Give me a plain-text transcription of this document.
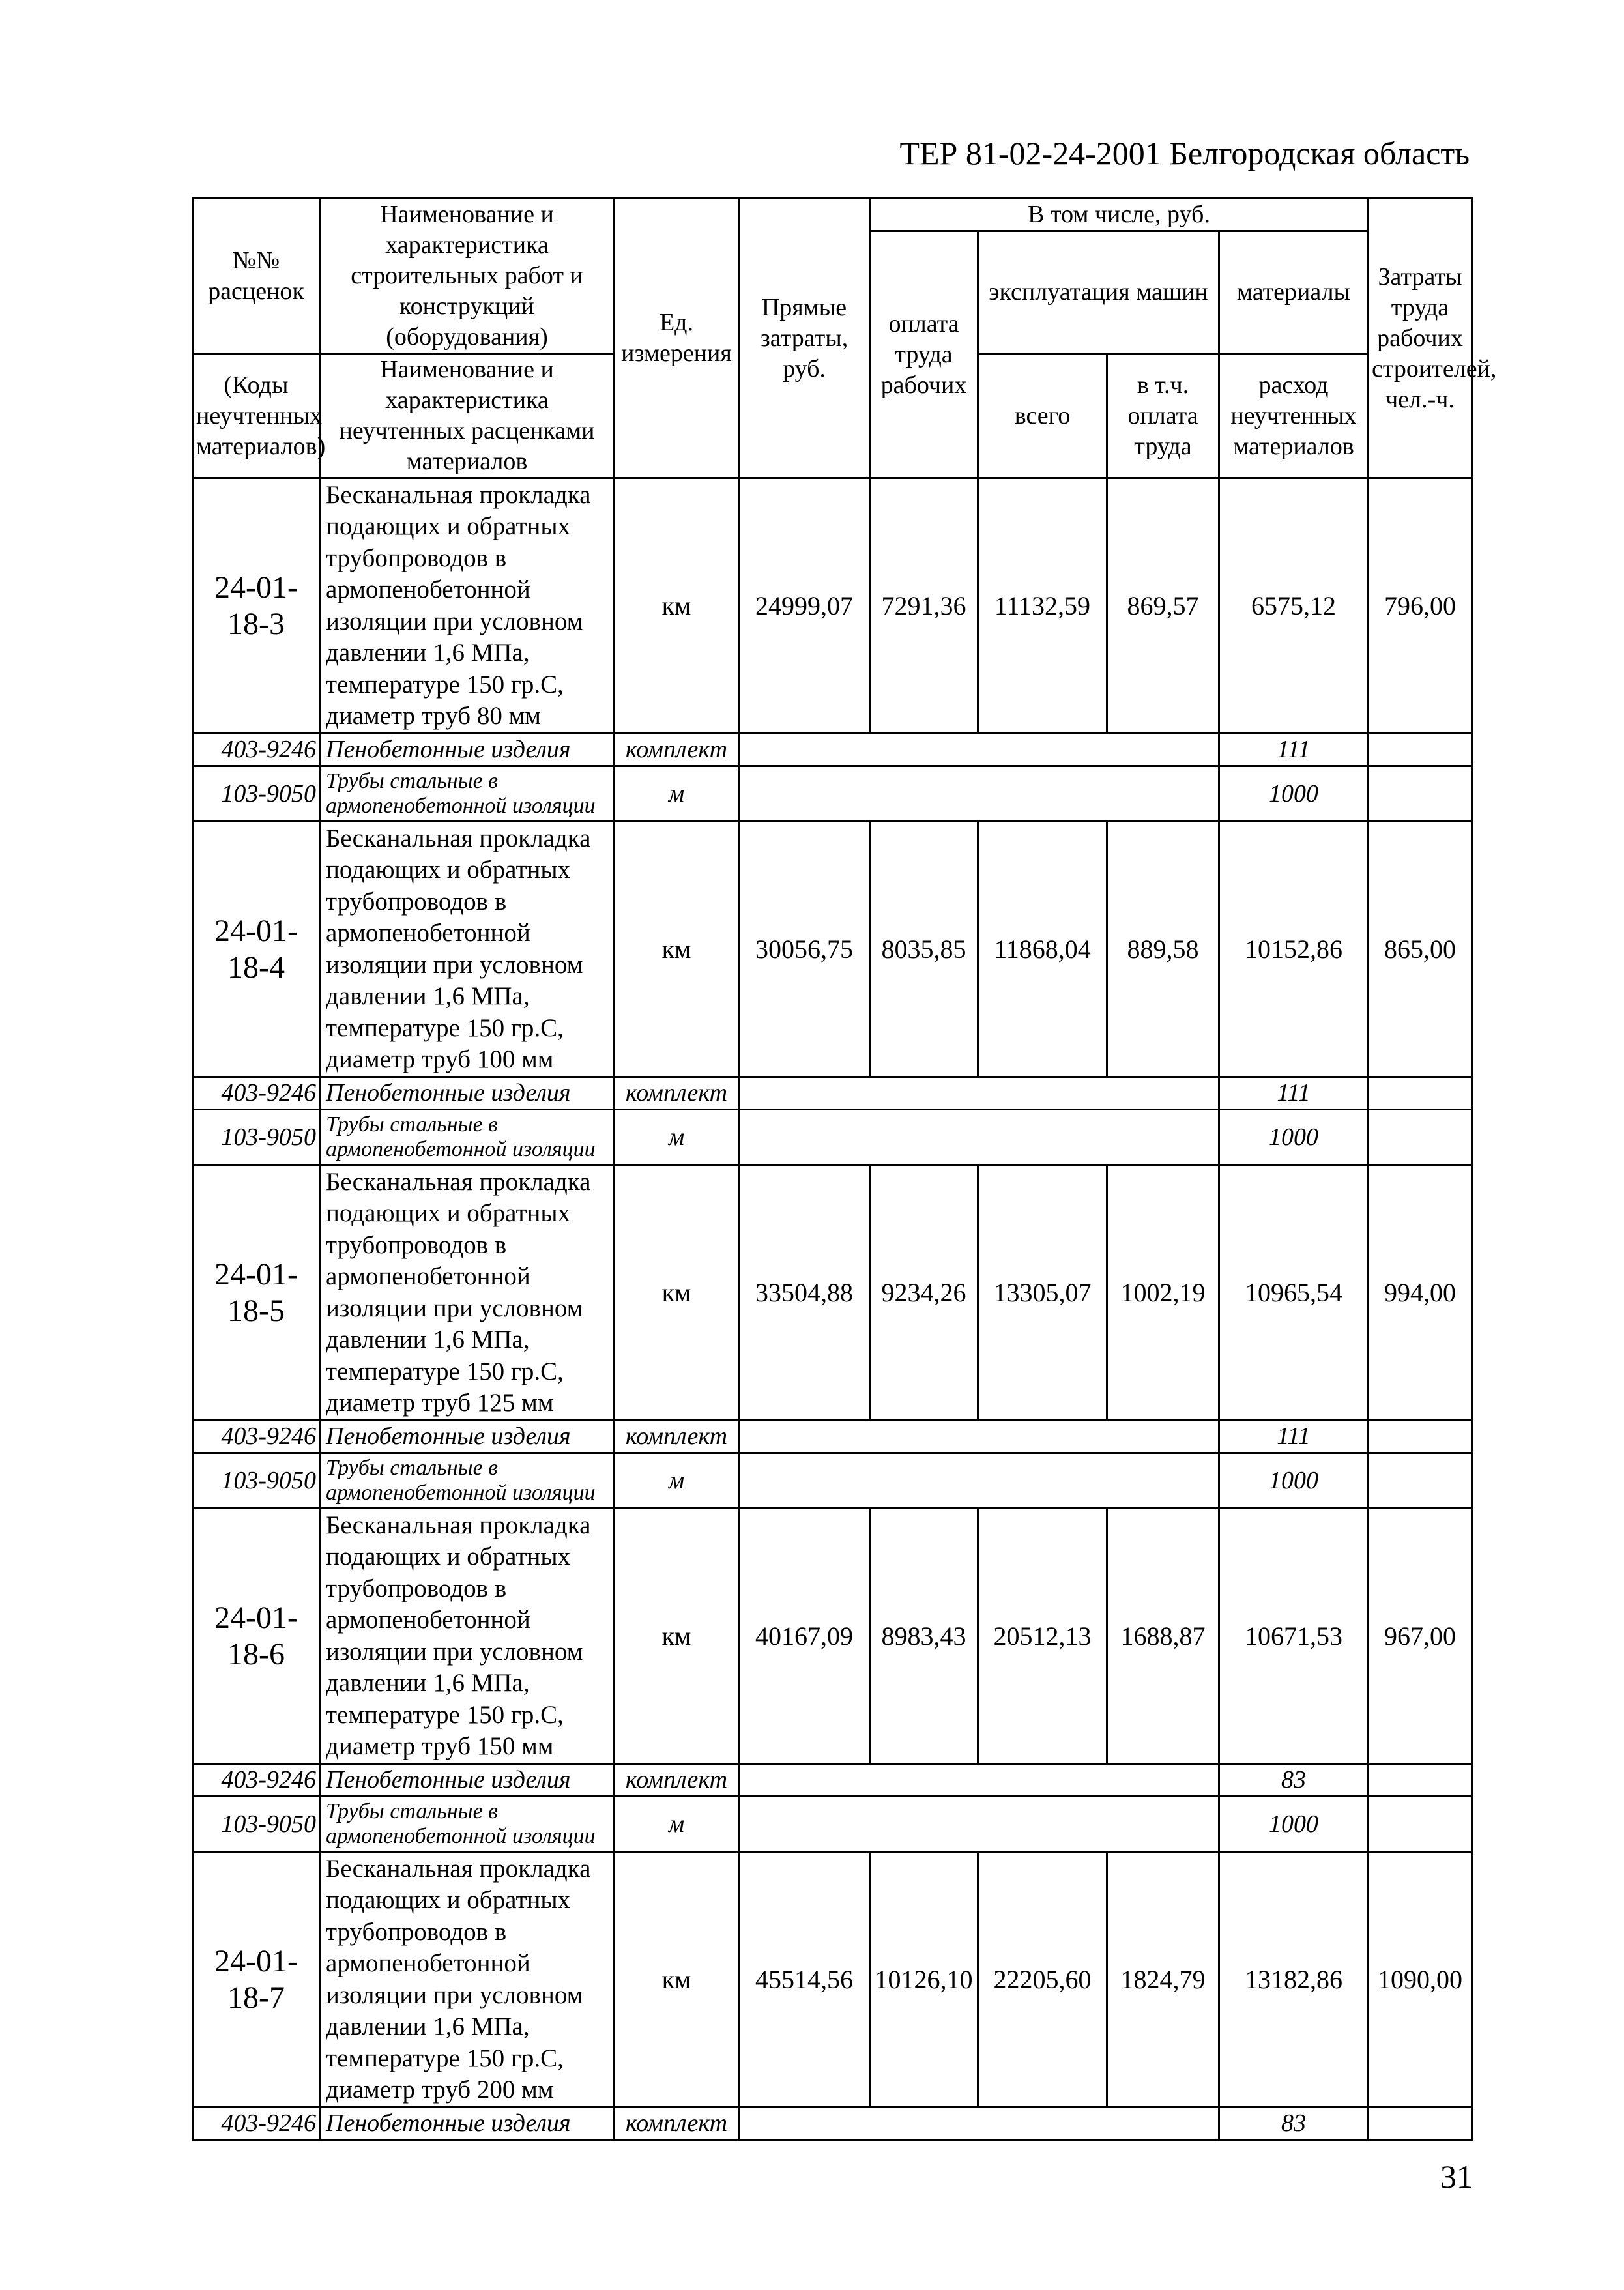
ТЕР 81-02-24-2001 Белгородская область
№№ расценок	Наименование и характеристика строительных работ и конструкций (оборудования)	Ед. измерения	Прямые затраты, руб.	В том числе, руб.				Затраты труда рабочих строителей, чел.-ч.
				оплата труда рабочих	эксплуатация машин		материалы	

(Коды неучтенных материалов)	Наименование и характеристика неучтенных расценками материалов				всего	в т.ч. оплата труда	расход неучтенных материалов	

24-01-18-3	Бесканальная прокладка подающих и обратных трубопроводов в армопенобетонной изоляции при условном давлении 1,6 МПа, температуре 150 гр.С, диаметр труб 80 мм	км	24999,07	7291,36	11132,59	869,57	6575,12	796,00
403-9246	Пенобетонные изделия	комплект					111	
103-9050	Трубы стальные в армопенобетонной изоляции	м					1000	
24-01-18-4	Бесканальная прокладка подающих и обратных трубопроводов в армопенобетонной изоляции при условном давлении 1,6 МПа, температуре 150 гр.С, диаметр труб 100 мм	км	30056,75	8035,85	11868,04	889,58	10152,86	865,00
403-9246	Пенобетонные изделия	комплект					111	
103-9050	Трубы стальные в армопенобетонной изоляции	м					1000	
24-01-18-5	Бесканальная прокладка подающих и обратных трубопроводов в армопенобетонной изоляции при условном давлении 1,6 МПа, температуре 150 гр.С, диаметр труб 125 мм	км	33504,88	9234,26	13305,07	1002,19	10965,54	994,00
403-9246	Пенобетонные изделия	комплект					111	
103-9050	Трубы стальные в армопенобетонной изоляции	м					1000	
24-01-18-6	Бесканальная прокладка подающих и обратных трубопроводов в армопенобетонной изоляции при условном давлении 1,6 МПа, температуре 150 гр.С, диаметр труб 150 мм	км	40167,09	8983,43	20512,13	1688,87	10671,53	967,00
403-9246	Пенобетонные изделия	комплект					83	
103-9050	Трубы стальные в армопенобетонной изоляции	м					1000	
24-01-18-7	Бесканальная прокладка подающих и обратных трубопроводов в армопенобетонной изоляции при условном давлении 1,6 МПа, температуре 150 гр.С, диаметр труб 200 мм	км	45514,56	10126,10	22205,60	1824,79	13182,86	1090,00
403-9246	Пенобетонные изделия	комплект					83	
31
